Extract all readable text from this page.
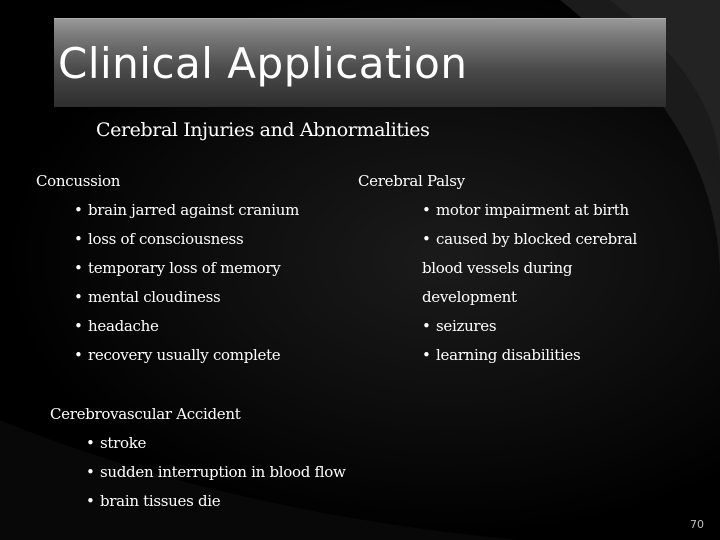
Clinical Application
Cerebral Injuries and Abnormalities
Concussion
• brain jarred against cranium
• loss of consciousness
• temporary loss of memory
• mental cloudiness
• headache
• recovery usually complete
Cerebral Palsy
• motor impairment at birth
• caused by blocked cerebral
blood vessels during
development
• seizures
• learning disabilities
Cerebrovascular Accident
• stroke
• sudden interruption in blood flow
• brain tissues die
70
